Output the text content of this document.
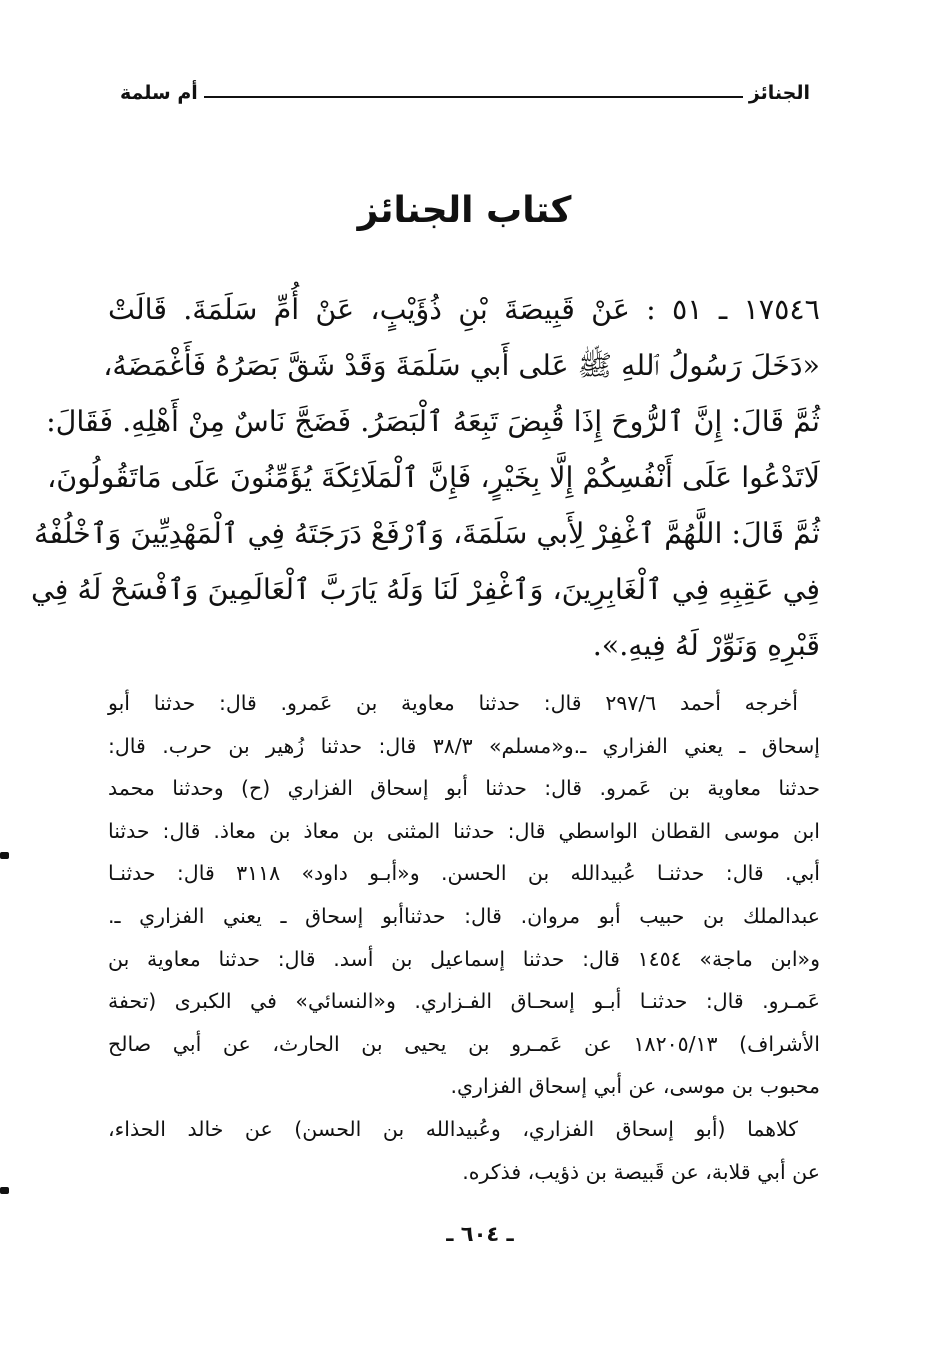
الجنائز
أم سلمة
كتاب الجنائز
١٧٥٤٦ ـ ٥١ : عَنْ قَبِيصَةَ بْنِ ذُؤَيْبٍ، عَنْ أُمِّ سَلَمَةَ. قَالَتْ
«دَخَلَ رَسُولُ ٱللهِ ﷺ عَلى أَبي سَلَمَةَ وَقَدْ شَقَّ بَصَرُهُ فَأَغْمَضَهُ،
ثُمَّ قَالَ: إِنَّ ٱلرُّوحَ إِذَا قُبِضَ تَبِعَهُ ٱلْبَصَرُ. فَضَجَّ نَاسٌ مِنْ أَهْلِهِ. فَقَالَ:
لَاتَدْعُوا عَلَى أَنْفُسِكُمْ إِلَّا بِخَيْرٍ، فَإِنَّ ٱلْمَلَائِكَةَ يُؤَمِّنُونَ عَلَى مَاتَقُولُونَ،
ثُمَّ قَالَ: اللَّهُمَّ ٱغْفِرْ لِأَبي سَلَمَةَ، وَٱرْفَعْ دَرَجَتَهُ فِي ٱلْمَهْدِيِّينَ وَٱخْلُفْهُ
فِي عَقِبِهِ فِي ٱلْغَابِرِينَ، وَٱغْفِرْ لَنَا وَلَهُ يَارَبَّ ٱلْعَالَمِينَ وَٱفْسَحْ لَهُ فِي
قَبْرِهِ وَنَوِّرْ لَهُ فِيهِ.».
أخرجه أحمد ٢٩٧/٦ قال: حدثنا معاوية بن عَمرو. قال: حدثنا أبو
إسحاق ـ يعني الفزاري ـ.و«مسلم» ٣٨/٣ قال: حدثنا زُهير بن حرب. قال:
حدثنا معاوية بن عَمرو. قال: حدثنا أبو إسحاق الفزاري (ح) وحدثنا محمد
ابن موسى القطان الواسطي قال: حدثنا المثنى بن معاذ بن معاذ. قال: حدثنا
أبي. قال: حدثنـا عُبيدالله بن الحسن. و«أبـو داود» ٣١١٨ قال: حدثنـا
عبدالملك بن حبيب أبو مروان. قال: حدثناأبو إسحاق ـ يعني الفزاري ـ.
و«ابن ماجة» ١٤٥٤ قال: حدثنا إسماعيل بن أسد. قال: حدثنا معاوية بن
عَمـرو. قال: حدثنـا أبـو إسحـاق الفـزاري. و«النسائي» في الكبرى (تحفة
الأشراف) ١٨٢٠٥/١٣ عن عَمـرو بن يحيى بن الحارث، عن أبي صالح
محبوب بن موسى، عن أبي إسحاق الفزاري.
كلاهما (أبو إسحاق الفزاري، وعُبيدالله بن الحسن) عن خالد الحذاء،
عن أبي قلابة، عن قَبيصة بن ذؤيب، فذكره.
ـ ٦٠٤ ـ
